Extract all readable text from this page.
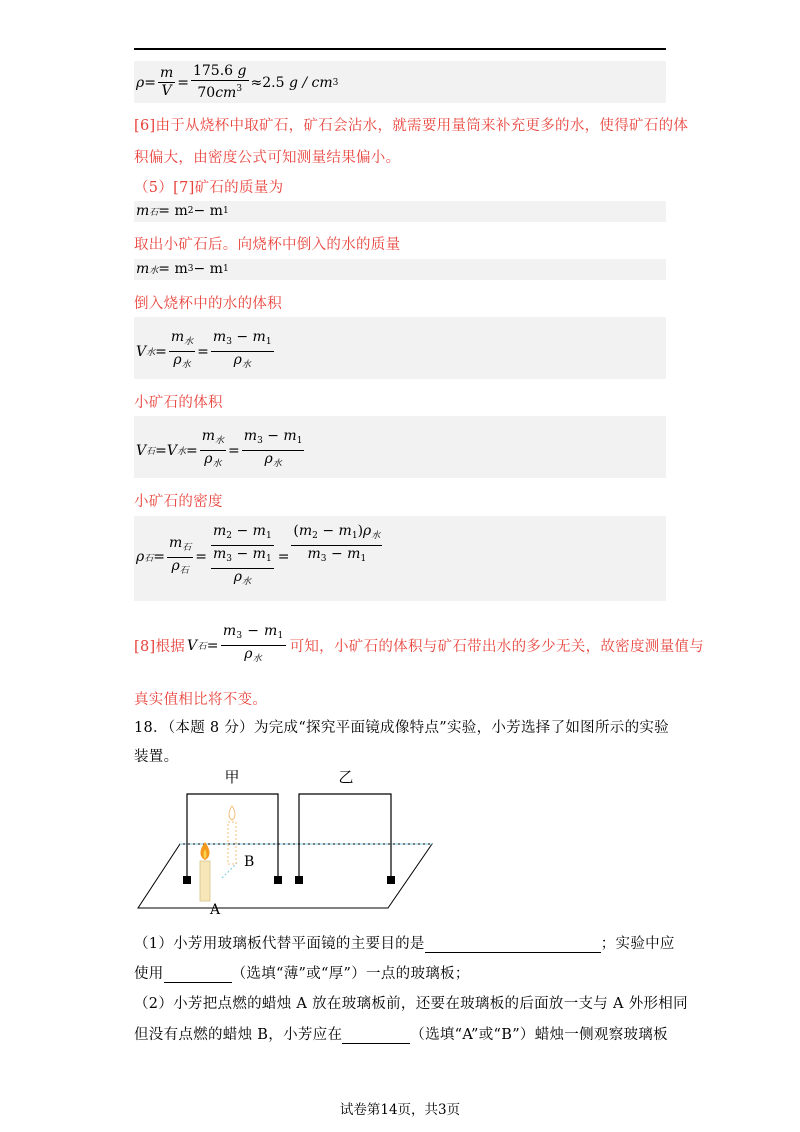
$\rho = \frac{m}{V} = \frac{175.6 g}{70cm^3} \approx 2.5$
g / cm 3
[6]由于从烧杯中取矿石，矿石会沾水，就需要用量筒来补充更多的水，使得矿石的体
积偏大，由密度公式可知测量结果偏小。
（5）[7]矿石的质量为
m 石 = m 2 − m 1
取出小矿石后。向烧杯中倒入的水的质量
m 水 = m 3 − m 1
倒入烧杯中的水的体积
V 水 = $\frac{m_水}{\rho_水} = \frac{m_3 - m_1}{\rho_水}$
小矿石的体积
V 石 = V 水 = $\frac{m_水}{\rho_水} = \frac{m_3 - m_1}{\rho_水}$
小矿石的密度
ρ 石 = $\frac{m_石}{\rho_石} = \frac{m_2 - m_1}{\frac{m_3 - m_1}{\rho_水}} = \frac{(m_2 - m_1)\rho_水}{m_3 - m_1}$
[8]根据 V 石 = $\frac{m_3 - m_1}{\rho_水}$ 可知，小矿石的体积与矿石带出水的多少无关，故密度测量值与
真实值相比将不变。
18．（本题 8 分）为完成“探究平面镜成像特点”实验，小芳选择了如图所示的实验
装置。
甲	乙
B
A
（1）小芳用玻璃板代替平面镜的主要目的是	；实验中应
使用	（选填“薄”或“厚”）一点的玻璃板；
（2）小芳把点燃的蜡烛 A 放在玻璃板前，还要在玻璃板的后面放一支与 A 外形相同
但没有点燃的蜡烛 B，小芳应在	（选填“A”或“B”）蜡烛一侧观察玻璃板
试卷第14页，共3页
